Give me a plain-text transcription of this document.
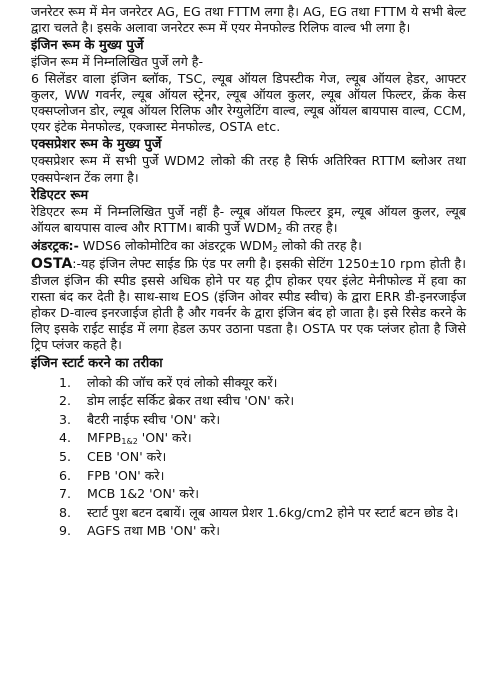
जनरेटर रूम में मेन जनरेटर AG, EG तथा FTTM लगा है। AG, EG तथा FTTM ये सभी बेल्ट द्वारा चलते है। इसके अलावा जनरेटर रूम में एयर मेनफोल्ड रिलिफ वाल्व भी लगा है।

इंजिन रूम के मुख्य पुर्जे

इंजिन रूम में निम्नलिखित पुर्जे लगे है-

6 सिलेंडर वाला इंजिन ब्लॉक, TSC, ल्यूब ऑयल डिपस्टीक गेज, ल्यूब ऑयल हेडर, आफ्टर कुलर, WW गवर्नर, ल्यूब ऑयल स्ट्रेनर, ल्यूब ऑयल कुलर, ल्यूब ऑयल फिल्टर, क्रेंक केस एक्सप्लोजन डोर, ल्यूब ऑयल रिलिफ और रेग्युलेटिंग वाल्व, ल्यूब ऑयल बायपास वाल्व, CCM, एयर इंटेक मेनफोल्ड, एक्जास्ट मेनफोल्ड, OSTA etc.

एक्सप्रेशर रूम के मुख्य पुर्जे

एक्सप्रेशर रूम में सभी पुर्जे WDM2 लोको की तरह है सिर्फ अतिरिक्त RTTM ब्लोअर तथा एक्सपेन्शन टेंक लगा है।

रेडिएटर रूम

रेडिएटर रूम में निम्नलिखित पुर्जे नहीं है- ल्यूब ऑयल फिल्टर ड्रम, ल्यूब ऑयल कुलर, ल्यूब ऑयल बायपास वाल्व और RTTM। बाकी पुर्जे $WDM_2$ की तरह है।

अंडरट्रक:- WDS6 लोकोमोटिव का अंडरट्रक $WDM_2$ लोको की तरह है।

OSTA:-यह इंजिन लेफ्ट साईड फ्रि एंड पर लगी है। इसकी सेटिंग 1250±10 rpm होती है। डीजल इंजिन की स्पीड इससे अधिक होने पर यह ट्रीप होकर एयर इंलेट मेनीफोल्ड में हवा का रास्ता बंद कर देती है। साथ-साथ EOS (इंजिन ओवर स्पीड स्वीच) के द्वारा ERR डी-इनरजाईज होकर D-वाल्व इनरजाईज होती है और गवर्नर के द्वारा इंजिन बंद हो जाता है। इसे रिसेड करने के लिए इसके राईट साईड में लगा हेडल ऊपर उठाना पडता है। OSTA पर एक प्लंजर होता है जिसे ट्रिप प्लंजर कहते है।

इंजिन स्टार्ट करने का तरीका

1. लोको की जॉच करें एवं लोको सीक्यूर करें।
2. डोम लाईट सर्किट ब्रेकर तथा स्वीच 'ON' करे।
3. बैटरी नाईफ स्वीच 'ON' करे।
4. $MFPB_{1\&2}$ 'ON' करे।
5. CEB 'ON' करे।
6. FPB 'ON' करे।
7. MCB 1&2 'ON' करे।
8. स्टार्ट पुश बटन दबायें। लूब आयल प्रेशर 1.6kg/cm2 होने पर स्टार्ट बटन छोड दे।
9. AGFS तथा MB 'ON' करे।
